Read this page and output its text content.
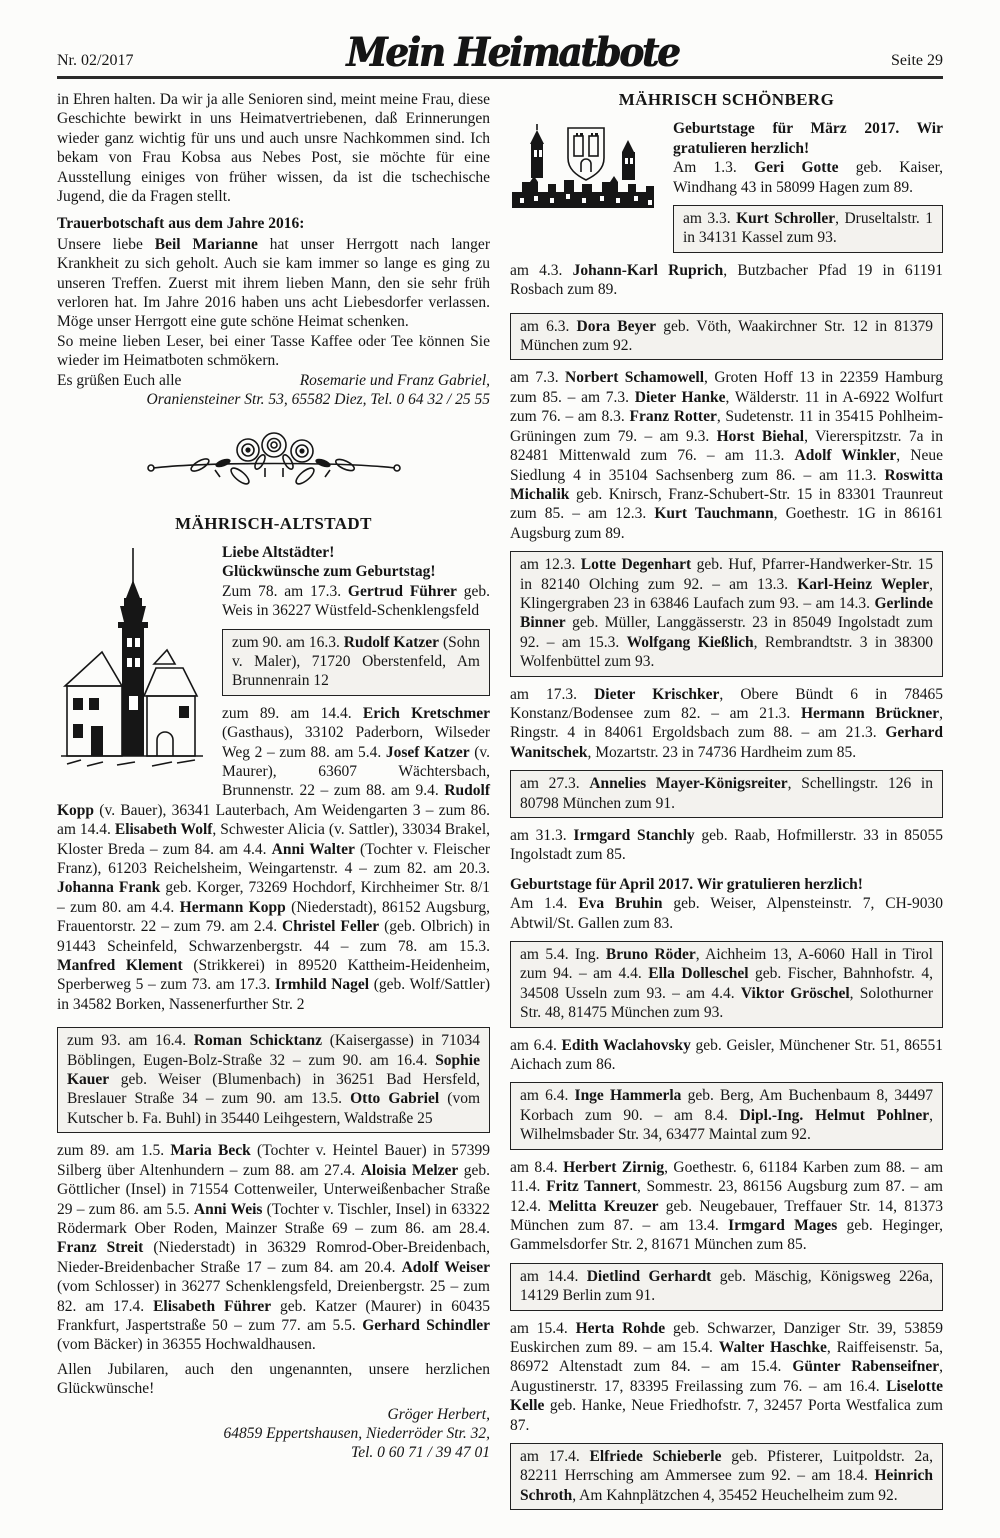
Nr. 02/2017	Mein Heimatbote	Seite 29

in Ehren halten. Da wir ja alle Senioren sind, meint meine Frau, diese Geschichte bewirkt in uns Heimatvertriebenen, daß Erinnerungen wieder ganz wichtig für uns und auch unsre Nachkommen sind. Ich bekam von Frau Kobsa aus Nebes Post, sie möchte für eine Ausstellung einiges von früher wissen, da ist die tschechische Jugend, die da Fragen stellt.

Trauerbotschaft aus dem Jahre 2016:

Unsere liebe Beil Marianne hat unser Herrgott nach langer Krankheit zu sich geholt. Auch sie kam immer so lange es ging zu unseren Treffen. Zuerst mit ihrem lieben Mann, den sie sehr früh verloren hat. Im Jahre 2016 haben uns acht Liebesdorfer verlassen. Möge unser Herrgott eine gute schöne Heimat schenken.

So meine lieben Leser, bei einer Tasse Kaffee oder Tee können Sie wieder im Heimatboten schmökern.

Es grüßen Euch alle	Rosemarie und Franz Gabriel,

Oraniensteiner Str. 53, 65582 Diez, Tel. 0 64 32 / 25 55

MÄHRISCH-ALTSTADT

Liebe Altstädter!

Glückwünsche zum Geburtstag!

Zum 78. am 17.3. Gertrud Führer geb. Weis in 36227 Wüstfeld-Schenklengsfeld

zum 90. am 16.3. Rudolf Katzer (Sohn v. Maler), 71720 Oberstenfeld, Am Brunnenrain 12

zum 89. am 14.4. Erich Kretschmer (Gasthaus), 33102 Paderborn, Wilseder Weg 2 – zum 88. am 5.4. Josef Katzer (v. Maurer), 63607 Wächtersbach, Brunnenstr. 22 – zum 88. am 9.4. Rudolf Kopp (v. Bauer), 36341 Lauterbach, Am Weidengarten 3 – zum 86. am 14.4. Elisabeth Wolf, Schwester Alicia (v. Sattler), 33034 Brakel, Kloster Breda – zum 84. am 4.4. Anni Walter (Tochter v. Fleischer Franz), 61203 Reichelsheim, Weingartenstr. 4 – zum 82. am 20.3. Johanna Frank geb. Korger, 73269 Hochdorf, Kirchheimer Str. 8/1 – zum 80. am 4.4. Hermann Kopp (Niederstadt), 86152 Augsburg, Frauentorstr. 22 – zum 79. am 2.4. Christel Feller (geb. Olbrich) in 91443 Scheinfeld, Schwarzenbergstr. 44 – zum 78. am 15.3. Manfred Klement (Strikkerei) in 89520 Kattheim-Heidenheim, Sperberweg 5 – zum 73. am 17.3. Irmhild Nagel (geb. Wolf/Sattler) in 34582 Borken, Nassenerfurther Str. 2

zum 93. am 16.4. Roman Schicktanz (Kaisergasse) in 71034 Böblingen, Eugen-Bolz-Straße 32 – zum 90. am 16.4. Sophie Kauer geb. Weiser (Blumenbach) in 36251 Bad Hersfeld, Breslauer Straße 34 – zum 90. am 13.5. Otto Gabriel (vom Kutscher b. Fa. Buhl) in 35440 Leihgestern, Waldstraße 25

zum 89. am 1.5. Maria Beck (Tochter v. Heintel Bauer) in 57399 Silberg über Altenhundern – zum 88. am 27.4. Aloisia Melzer geb. Göttlicher (Insel) in 71554 Cottenweiler, Unterweißenbacher Straße 29 – zum 86. am 5.5. Anni Weis (Tochter v. Tischler, Insel) in 63322 Rödermark Ober Roden, Mainzer Straße 69 – zum 86. am 28.4. Franz Streit (Niederstadt) in 36329 Romrod-Ober-Breidenbach, Nieder-Breidenbacher Straße 17 – zum 84. am 20.4. Adolf Weiser (vom Schlosser) in 36277 Schenklengsfeld, Dreienbergstr. 25 – zum 82. am 17.4. Elisabeth Führer geb. Katzer (Maurer) in 60435 Frankfurt, Jaspertstraße 50 – zum 77. am 5.5. Gerhard Schindler (vom Bäcker) in 36355 Hochwaldhausen.

Allen Jubilaren, auch den ungenannten, unsere herzlichen Glückwünsche!

Gröger Herbert,

64859 Eppertshausen, Niederröder Str. 32,

Tel. 0 60 71 / 39 47 01

MÄHRISCH SCHÖNBERG

Geburtstage für März 2017. Wir gratulieren herzlich!

Am 1.3. Geri Gotte geb. Kaiser, Windhang 43 in 58099 Hagen zum 89.

am 3.3. Kurt Schroller, Druseltalstr. 1 in 34131 Kassel zum 93.

am 4.3. Johann-Karl Ruprich, Butzbacher Pfad 19 in 61191 Rosbach zum 89.

am 6.3. Dora Beyer geb. Vöth, Waakirchner Str. 12 in 81379 München zum 92.

am 7.3. Norbert Schamowell, Groten Hoff 13 in 22359 Hamburg zum 85. – am 7.3. Dieter Hanke, Wälderstr. 11 in A-6922 Wolfurt zum 76. – am 8.3. Franz Rotter, Sudetenstr. 11 in 35415 Pohlheim-Grüningen zum 79. – am 9.3. Horst Biehal, Viererspitzstr. 7a in 82481 Mittenwald zum 76. – am 11.3. Adolf Winkler, Neue Siedlung 4 in 35104 Sachsenberg zum 86. – am 11.3. Roswitta Michalik geb. Knirsch, Franz-Schubert-Str. 15 in 83301 Traunreut zum 85. – am 12.3. Kurt Tauchmann, Goethestr. 1G in 86161 Augsburg zum 89.

am 12.3. Lotte Degenhart geb. Huf, Pfarrer-Handwerker-Str. 15 in 82140 Olching zum 92. – am 13.3. Karl-Heinz Wepler, Klingergraben 23 in 63846 Laufach zum 93. – am 14.3. Gerlinde Binner geb. Müller, Langgässerstr. 23 in 85049 Ingolstadt zum 92. – am 15.3. Wolfgang Kießlich, Rembrandtstr. 3 in 38300 Wolfenbüttel zum 93.

am 17.3. Dieter Krischker, Obere Bündt 6 in 78465 Konstanz/Bodensee zum 82. – am 21.3. Hermann Brückner, Ringstr. 4 in 84061 Ergoldsbach zum 88. – am 21.3. Gerhard Wanitschek, Mozartstr. 23 in 74736 Hardheim zum 85.

am 27.3. Annelies Mayer-Königsreiter, Schellingstr. 126 in 80798 München zum 91.

am 31.3. Irmgard Stanchly geb. Raab, Hofmillerstr. 33 in 85055 Ingolstadt zum 85.

Geburtstage für April 2017. Wir gratulieren herzlich!

Am 1.4. Eva Bruhin geb. Weiser, Alpensteinstr. 7, CH-9030 Abtwil/St. Gallen zum 83.

am 5.4. Ing. Bruno Röder, Aichheim 13, A-6060 Hall in Tirol zum 94. – am 4.4. Ella Dolleschel geb. Fischer, Bahnhofstr. 4, 34508 Usseln zum 93. – am 4.4. Viktor Gröschel, Solothurner Str. 48, 81475 München zum 93.

am 6.4. Edith Waclahovsky geb. Geisler, Münchener Str. 51, 86551 Aichach zum 86.

am 6.4. Inge Hammerla geb. Berg, Am Buchenbaum 8, 34497 Korbach zum 90. – am 8.4. Dipl.-Ing. Helmut Pohlner, Wilhelmsbader Str. 34, 63477 Maintal zum 92.

am 8.4. Herbert Zirnig, Goethestr. 6, 61184 Karben zum 88. – am 11.4. Fritz Tannert, Sommestr. 23, 86156 Augsburg zum 87. – am 12.4. Melitta Kreuzer geb. Neugebauer, Treffauer Str. 14, 81373 München zum 87. – am 13.4. Irmgard Mages geb. Heginger, Gammelsdorfer Str. 2, 81671 München zum 85.

am 14.4. Dietlind Gerhardt geb. Mäschig, Königsweg 226a, 14129 Berlin zum 91.

am 15.4. Herta Rohde geb. Schwarzer, Danziger Str. 39, 53859 Euskirchen zum 89. – am 15.4. Walter Haschke, Raiffeisenstr. 5a, 86972 Altenstadt zum 84. – am 15.4. Günter Rabenseifner, Augustinerstr. 17, 83395 Freilassing zum 76. – am 16.4. Liselotte Kelle geb. Hanke, Neue Friedhofstr. 7, 32457 Porta Westfalica zum 87.

am 17.4. Elfriede Schieberle geb. Pfisterer, Luitpoldstr. 2a, 82211 Herrsching am Ammersee zum 92. – am 18.4. Heinrich Schroth, Am Kahnplätzchen 4, 35452 Heuchelheim zum 92.
